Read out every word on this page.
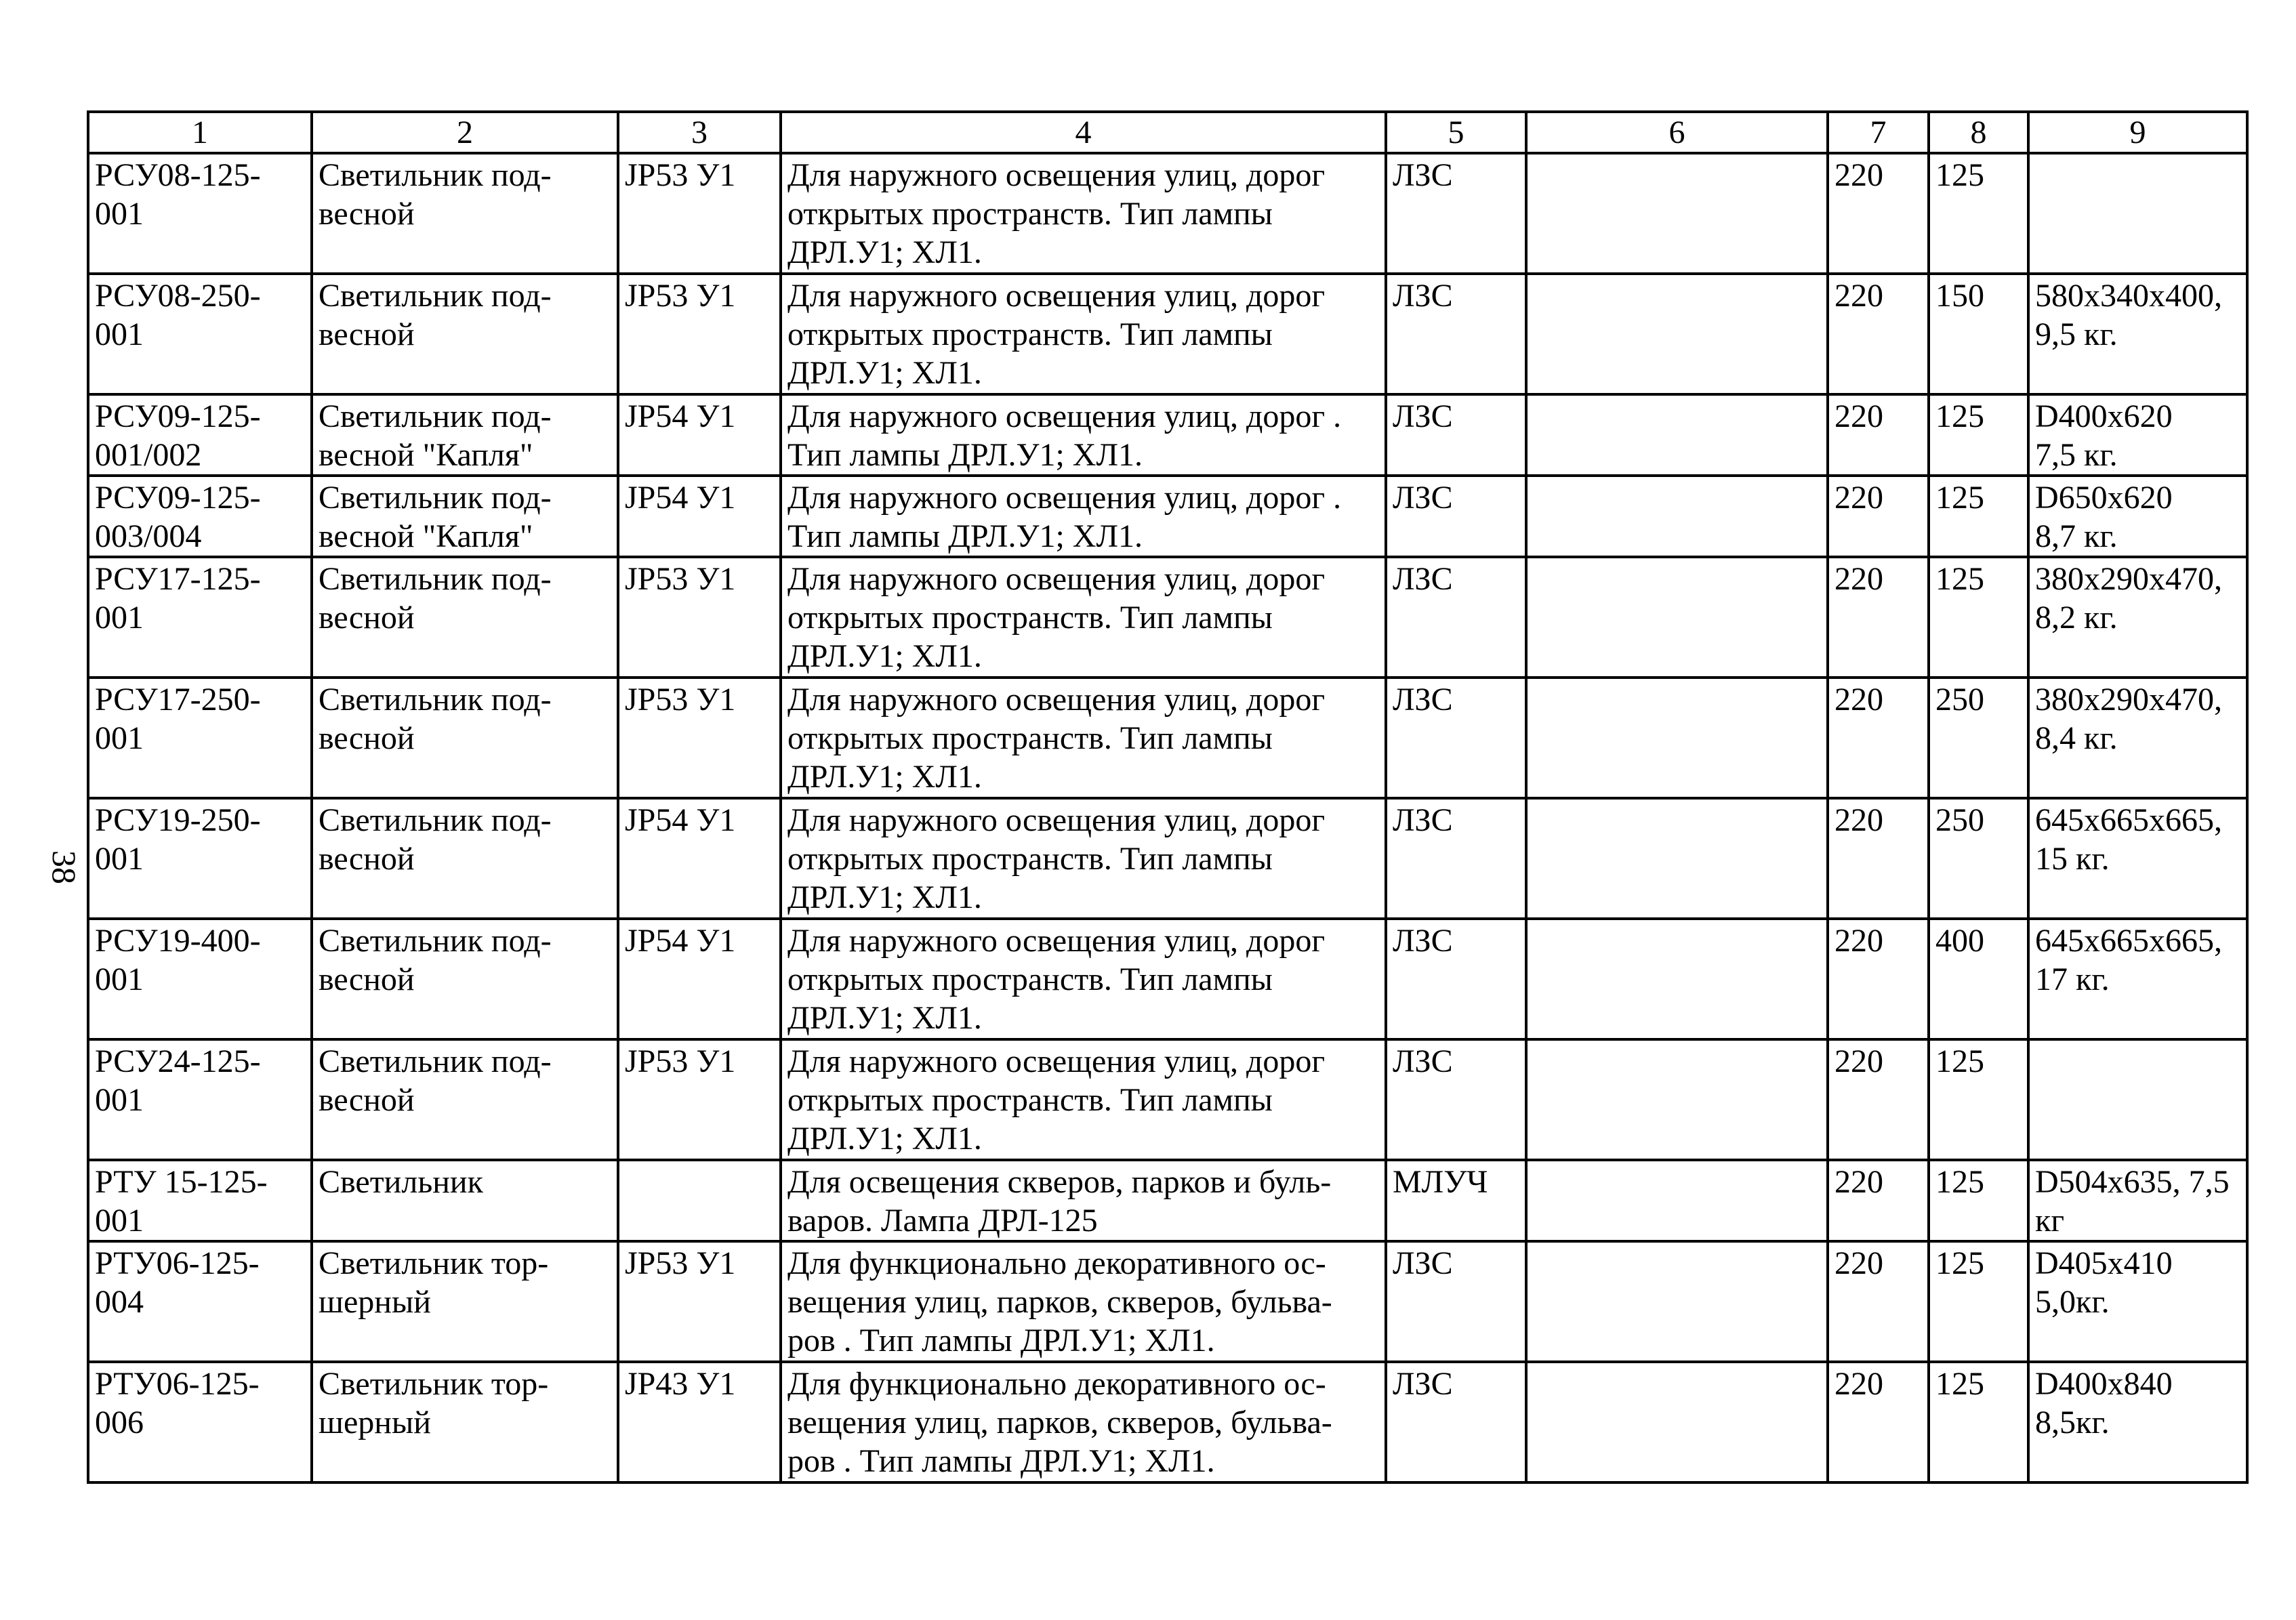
38
1	2	3	4	5	6	7	8	9
РСУ08-125-
001	Светильник под-
весной	JP53 У1	Для наружного освещения улиц, дорог
открытых пространств. Тип лампы
ДРЛ.У1; ХЛ1.	ЛЗС		220	125	
РСУ08-250-
001	Светильник под-
весной	JP53 У1	Для наружного освещения улиц, дорог
открытых пространств. Тип лампы
ДРЛ.У1; ХЛ1.	ЛЗС		220	150	580x340x400,
9,5 кг.
РСУ09-125-
001/002	Светильник под-
весной "Капля"	JP54 У1	Для наружного освещения улиц, дорог .
Тип лампы ДРЛ.У1; ХЛ1.	ЛЗС		220	125	D400x620
7,5 кг.
РСУ09-125-
003/004	Светильник под-
весной "Капля"	JP54 У1	Для наружного освещения улиц, дорог .
Тип лампы ДРЛ.У1; ХЛ1.	ЛЗС		220	125	D650x620
8,7 кг.
РСУ17-125-
001	Светильник под-
весной	JP53 У1	Для наружного освещения улиц, дорог
открытых пространств. Тип лампы
ДРЛ.У1; ХЛ1.	ЛЗС		220	125	380x290x470,
8,2 кг.
РСУ17-250-
001	Светильник под-
весной	JP53 У1	Для наружного освещения улиц, дорог
открытых пространств. Тип лампы
ДРЛ.У1; ХЛ1.	ЛЗС		220	250	380x290x470,
8,4 кг.
РСУ19-250-
001	Светильник под-
весной	JP54 У1	Для наружного освещения улиц, дорог
открытых пространств. Тип лампы
ДРЛ.У1; ХЛ1.	ЛЗС		220	250	645x665x665,
15 кг.
РСУ19-400-
001	Светильник под-
весной	JP54 У1	Для наружного освещения улиц, дорог
открытых пространств. Тип лампы
ДРЛ.У1; ХЛ1.	ЛЗС		220	400	645x665x665,
17 кг.
РСУ24-125-
001	Светильник под-
весной	JP53 У1	Для наружного освещения улиц, дорог
открытых пространств. Тип лампы
ДРЛ.У1; ХЛ1.	ЛЗС		220	125	
РТУ 15-125-
001	Светильник		Для освещения скверов, парков и буль-
варов. Лампа ДРЛ-125	МЛУЧ		220	125	D504x635, 7,5
кг
РТУ06-125-
004	Светильник тор-
шерный	JP53 У1	Для функционально декоративного ос-
вещения улиц, парков, скверов, бульва-
ров . Тип лампы ДРЛ.У1; ХЛ1.	ЛЗС		220	125	D405x410
5,0кг.
РТУ06-125-
006	Светильник тор-
шерный	JP43 У1	Для функционально декоративного ос-
вещения улиц, парков, скверов, бульва-
ров . Тип лампы ДРЛ.У1; ХЛ1.	ЛЗС		220	125	D400x840
8,5кг.
